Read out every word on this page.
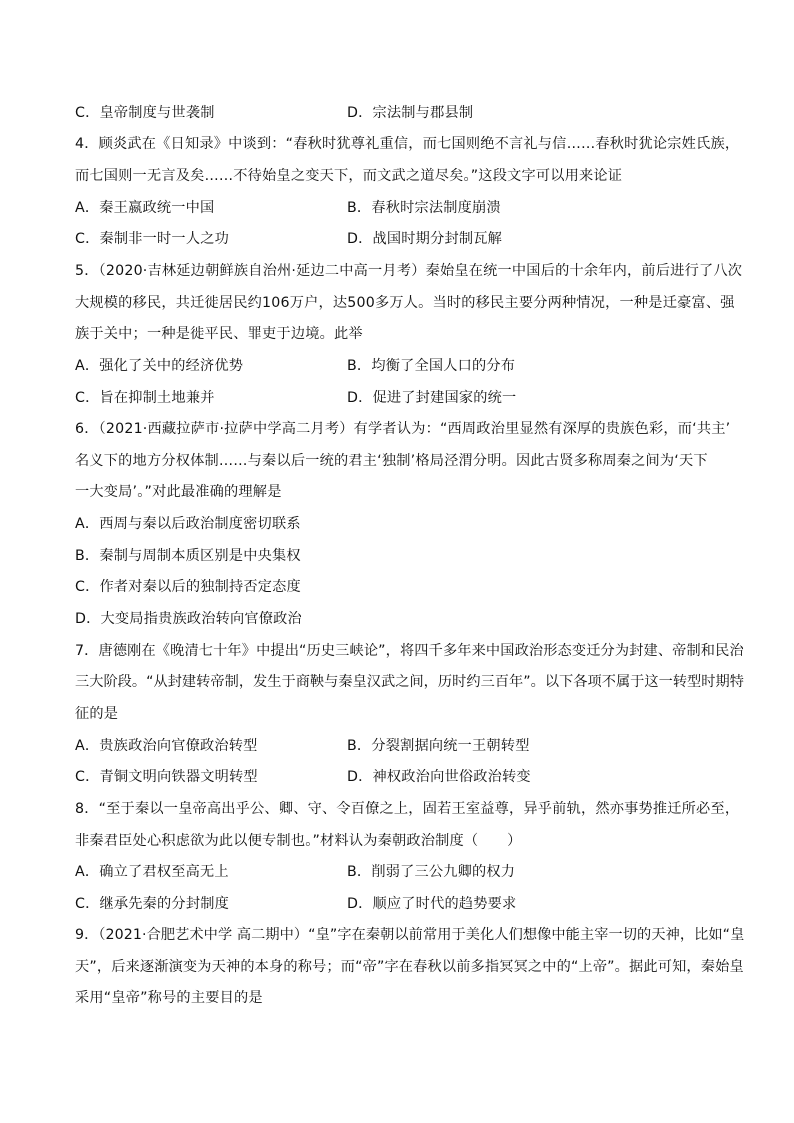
C．皇帝制度与世袭制	D．宗法制与郡县制
4．顾炎武在《日知录》中谈到：“春秋时犹尊礼重信，而七国则绝不言礼与信……春秋时犹论宗姓氏族，
而七国则一无言及矣……不待始皇之变天下，而文武之道尽矣。”这段文字可以用来论证
A．秦王嬴政统一中国	B．春秋时宗法制度崩溃
C．秦制非一时一人之功	D．战国时期分封制瓦解
5．（2020·吉林延边朝鲜族自治州·延边二中高一月考）秦始皇在统一中国后的十余年内，前后进行了八次
大规模的移民，共迁徙居民约106万户，达500多万人。当时的移民主要分两种情况，一种是迁豪富、强
族于关中；一种是徙平民、罪吏于边境。此举
A．强化了关中的经济优势	B．均衡了全国人口的分布
C．旨在抑制土地兼并	D．促进了封建国家的统一
6．（2021·西藏拉萨市·拉萨中学高二月考）有学者认为：“西周政治里显然有深厚的贵族色彩，而‘共主’
名义下的地方分权体制……与秦以后一统的君主‘独制’格局泾渭分明。因此古贤多称周秦之间为‘天下
一大变局’。”对此最准确的理解是
A．西周与秦以后政治制度密切联系
B．秦制与周制本质区别是中央集权
C．作者对秦以后的独制持否定态度
D．大变局指贵族政治转向官僚政治
7．唐德刚在《晚清七十年》中提出“历史三峡论”，将四千多年来中国政治形态变迁分为封建、帝制和民治
三大阶段。“从封建转帝制，发生于商鞅与秦皇汉武之间，历时约三百年”。以下各项不属于这一转型时期特
征的是
A．贵族政治向官僚政治转型	B．分裂割据向统一王朝转型
C．青铜文明向铁器文明转型	D．神权政治向世俗政治转变
8．“至于秦以一皇帝高出乎公、卿、守、令百僚之上，固若王室益尊，异乎前轨，然亦事势推迁所必至，
非秦君臣处心积虑欲为此以便专制也。”材料认为秦朝政治制度（　　）
A．确立了君权至高无上	B．削弱了三公九卿的权力
C．继承先秦的分封制度	D．顺应了时代的趋势要求
9．（2021·合肥艺术中学 高二期中）“皇”字在秦朝以前常用于美化人们想像中能主宰一切的天神，比如“皇
天”，后来逐渐演变为天神的本身的称号；而“帝”字在春秋以前多指冥冥之中的“上帝”。据此可知，秦始皇
采用“皇帝”称号的主要目的是
